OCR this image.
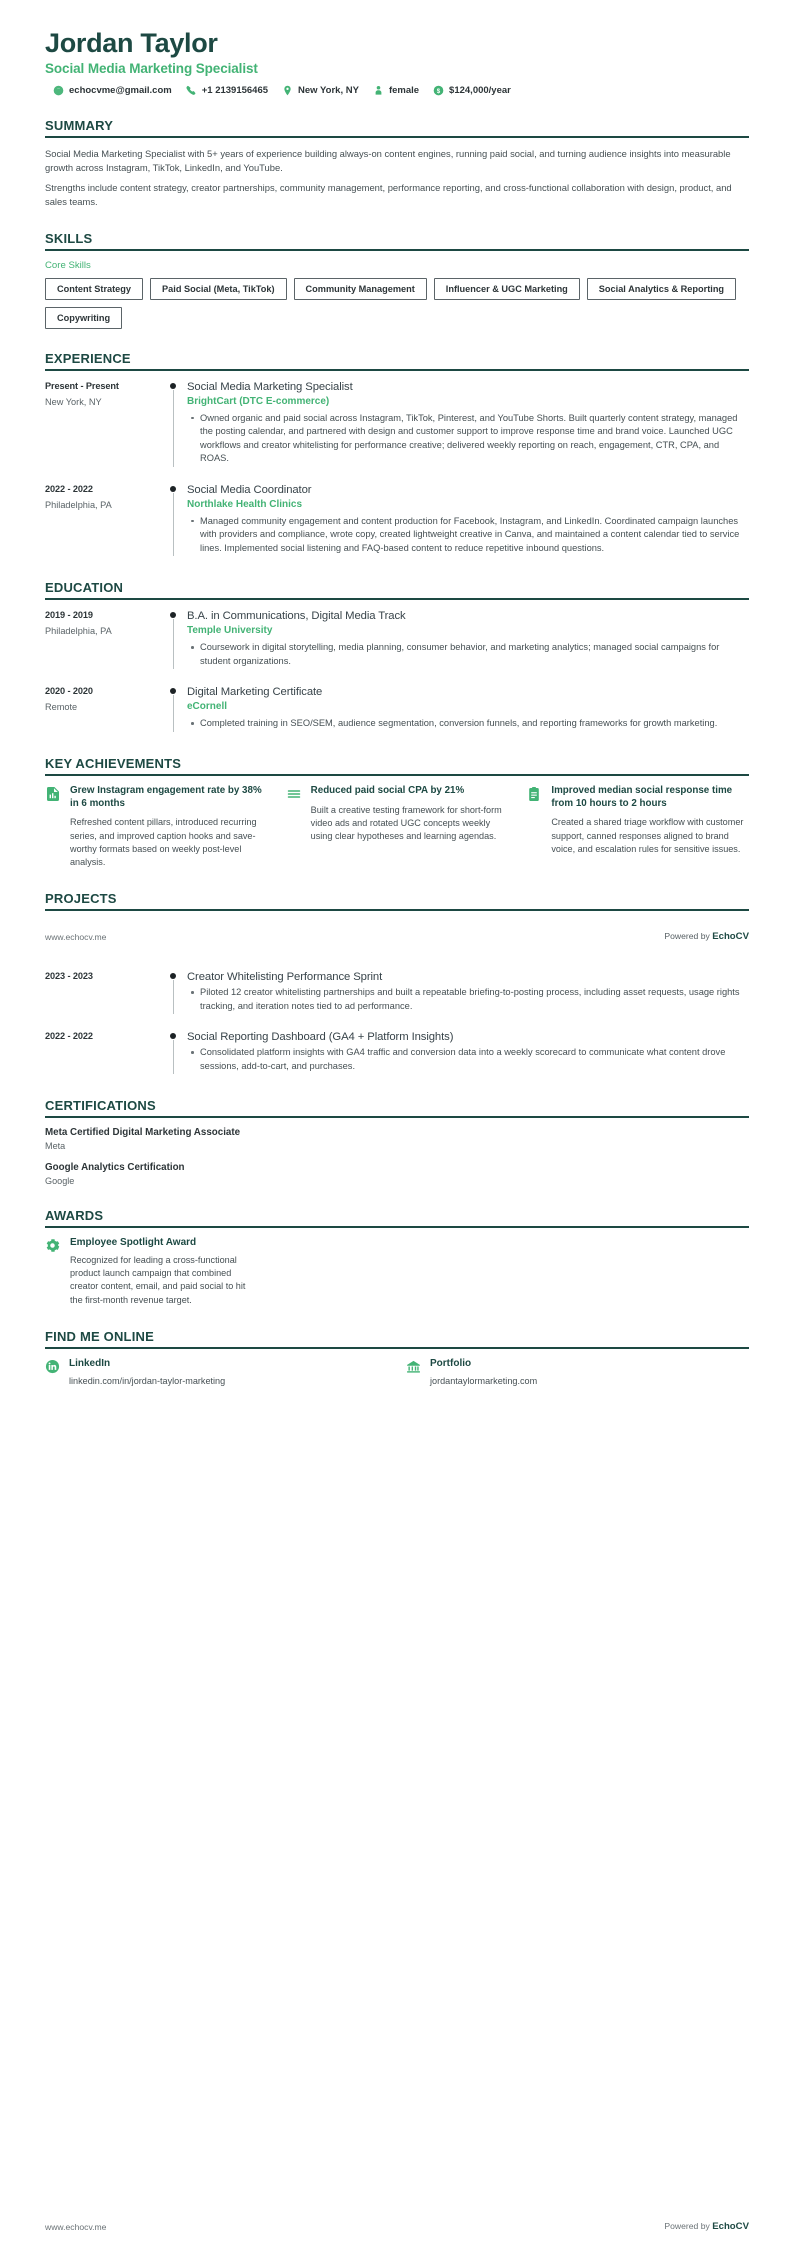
Jordan Taylor
Social Media Marketing Specialist
echocvme@gmail.com	+1 2139156465	New York, NY	female $ $124,000/year
SUMMARY

Social Media Marketing Specialist with 5+ years of experience building always-on content engines, running paid social, and turning audience insights into measurable growth across Instagram, TikTok, LinkedIn, and YouTube.

Strengths include content strategy, creator partnerships, community management, performance reporting, and cross-functional collaboration with design, product, and sales teams.

SKILLS
Core Skills
Content Strategy	Paid Social (Meta, TikTok)	Community Management	Influencer & UGC Marketing	Social Analytics & Reporting
Copywriting
EXPERIENCE
Present - Present
New York, NY
Social Media Marketing Specialist
BrightCart (DTC E-commerce)
Owned organic and paid social across Instagram, TikTok, Pinterest, and YouTube Shorts. Built quarterly content strategy, managed the posting calendar, and partnered with design and customer support to improve response time and brand voice. Launched UGC workflows and creator whitelisting for performance creative; delivered weekly reporting on reach, engagement, CTR, CPA, and ROAS.
2022 - 2022
Philadelphia, PA
Social Media Coordinator
Northlake Health Clinics
Managed community engagement and content production for Facebook, Instagram, and LinkedIn. Coordinated campaign launches with providers and compliance, wrote copy, created lightweight creative in Canva, and maintained a content calendar tied to service lines. Implemented social listening and FAQ-based content to reduce repetitive inbound questions.
EDUCATION
2019 - 2019
Philadelphia, PA
B.A. in Communications, Digital Media Track
Temple University
Coursework in digital storytelling, media planning, consumer behavior, and marketing analytics; managed social campaigns for student organizations.
2020 - 2020
Remote
Digital Marketing Certificate
eCornell
Completed training in SEO/SEM, audience segmentation, conversion funnels, and reporting frameworks for growth marketing.
KEY ACHIEVEMENTS
Grew Instagram engagement rate by 38% in 6 months
Refreshed content pillars, introduced recurring series, and improved caption hooks and save-worthy formats based on weekly post-level analysis.
Reduced paid social CPA by 21%
Built a creative testing framework for short-form video ads and rotated UGC concepts weekly using clear hypotheses and learning agendas.
Improved median social response time from 10 hours to 2 hours
Created a shared triage workflow with customer support, canned responses aligned to brand voice, and escalation rules for sensitive issues.
PROJECTS
www.echocv.me	Powered by EchoCV
2023 - 2023	Creator Whitelisting Performance Sprint
Piloted 12 creator whitelisting partnerships and built a repeatable briefing-to-posting process, including asset requests, usage rights tracking, and iteration notes tied to ad performance.
2022 - 2022	Social Reporting Dashboard (GA4 + Platform Insights)
Consolidated platform insights with GA4 traffic and conversion data into a weekly scorecard to communicate what content drove sessions, add-to-cart, and purchases.
CERTIFICATIONS
Meta Certified Digital Marketing Associate
Meta
Google Analytics Certification
Google
AWARDS
Employee Spotlight Award
Recognized for leading a cross-functional product launch campaign that combined creator content, email, and paid social to hit the first-month revenue target.
FIND ME ONLINE
LinkedIn
linkedin.com/in/jordan-taylor-marketing
Portfolio
jordantaylormarketing.com
www.echocv.me	Powered by EchoCV
